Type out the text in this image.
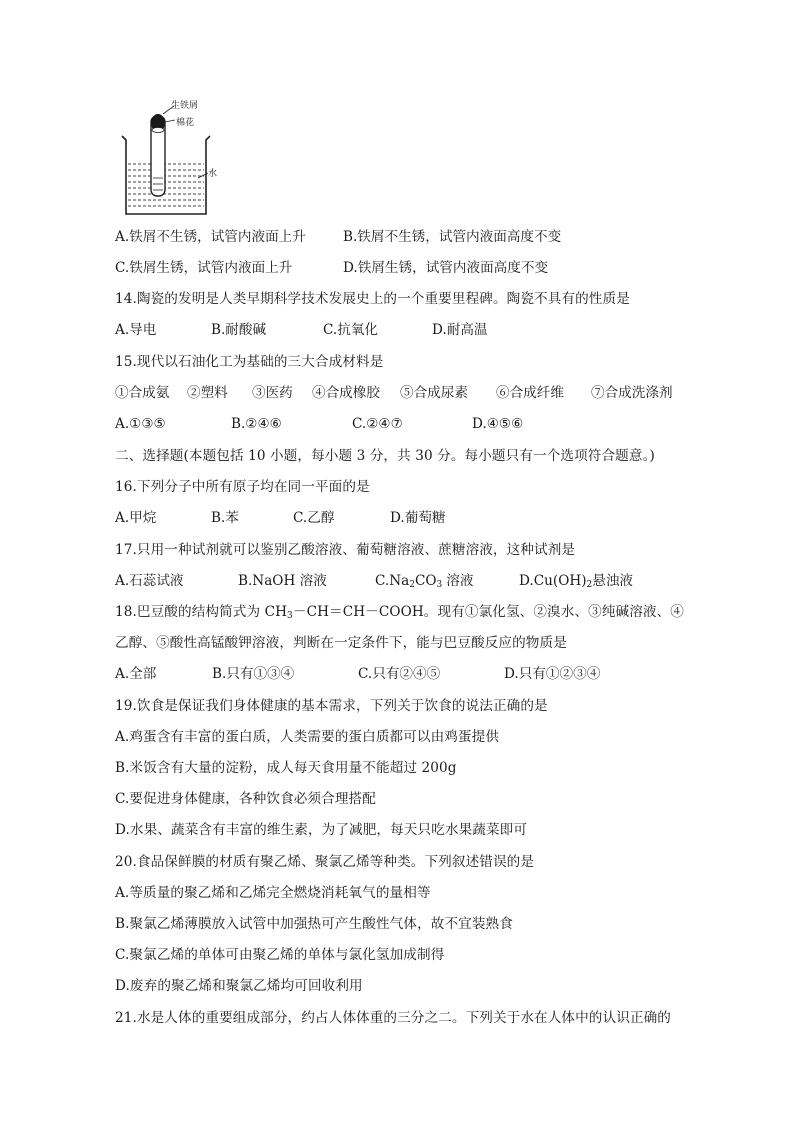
生铁屑
棉花
水
A.铁屑不生锈，试管内液面上升	B.铁屑不生锈，试管内液面高度不变
C.铁屑生锈，试管内液面上升	D.铁屑生锈，试管内液面高度不变
14.陶瓷的发明是人类早期科学技术发展史上的一个重要里程碑。陶瓷不具有的性质是
A.导电	B.耐酸碱	C.抗氧化	D.耐高温
15.现代以石油化工为基础的三大合成材料是
①合成氨 ②塑料 ③医药 ④合成橡胶 ⑤合成尿素 ⑥合成纤维 ⑦合成洗涤剂
A.①③⑤	B.②④⑥	C.②④⑦	D.④⑤⑥
二、选择题(本题包括 10 小题，每小题 3 分，共 30 分。每小题只有一个选项符合题意。)
16.下列分子中所有原子均在同一平面的是
A.甲烷	B.苯	C.乙醇	D.葡萄糖
17.只用一种试剂就可以鉴别乙酸溶液、葡萄糖溶液、蔗糖溶液，这种试剂是
A.石蕊试液	B.NaOH 溶液	$C.Na_2CO_3$ 溶液	$D.Cu(OH)_2$悬浊液
18.巴豆酸的结构简式为 $CH_3-CH=CH-COOH$。现有①氯化氢、②溴水、③纯碱溶液、④
乙醇、⑤酸性高锰酸钾溶液，判断在一定条件下，能与巴豆酸反应的物质是
A.全部	B.只有①③④	C.只有②④⑤	D.只有①②③④
19.饮食是保证我们身体健康的基本需求，下列关于饮食的说法正确的是
A.鸡蛋含有丰富的蛋白质，人类需要的蛋白质都可以由鸡蛋提供
B.米饭含有大量的淀粉，成人每天食用量不能超过 200g
C.要促进身体健康，各种饮食必须合理搭配
D.水果、蔬菜含有丰富的维生素，为了减肥，每天只吃水果蔬菜即可
20.食品保鲜膜的材质有聚乙烯、聚氯乙烯等种类。下列叙述错误的是
A.等质量的聚乙烯和乙烯完全燃烧消耗氧气的量相等
B.聚氯乙烯薄膜放入试管中加强热可产生酸性气体，故不宜装熟食
C.聚氯乙烯的单体可由聚乙烯的单体与氯化氢加成制得
D.废弃的聚乙烯和聚氯乙烯均可回收利用
21.水是人体的重要组成部分，约占人体体重的三分之二。下列关于水在人体中的认识正确的
